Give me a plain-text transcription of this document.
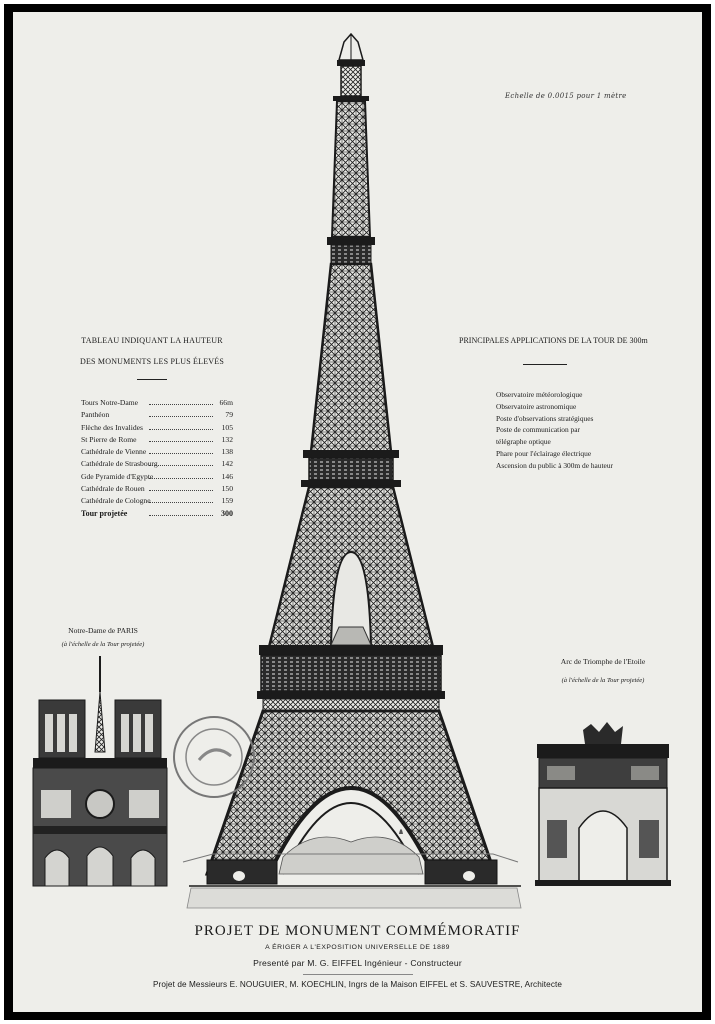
Echelle de 0.0015 pour 1 mètre
TABLEAU INDIQUANT LA HAUTEUR
DES MONUMENTS LES PLUS ÉLEVÉS
Tours Notre-Dame	66m
Panthéon	79
Flèche des Invalides	105
St Pierre de Rome	132
Cathédrale de Vienne	138
Cathédrale de Strasbourg	142
Gde Pyramide d'Egypte	146
Cathédrale de Rouen	150
Cathédrale de Cologne	159
Tour projetée	300
PRINCIPALES APPLICATIONS DE LA TOUR DE 300m
Observatoire météorologique
Observatoire astronomique
Poste d'observations stratégiques
Poste de communication par
télégraphe optique
Phare pour l'éclairage électrique
Ascension du public à 300m de hauteur
Notre-Dame de PARIS
(à l'échelle de la Tour projetée)
Arc de Triomphe de l'Etoile
(à l'échelle de la Tour projetée)
PROJET DE MONUMENT COMMÉMORATIF
A ÉRIGER A L'EXPOSITION UNIVERSELLE DE 1889
Presenté par M. G. EIFFEL Ingénieur - Constructeur
Projet de Messieurs E. NOUGUIER, M. KOECHLIN, Ingrs de la Maison EIFFEL et S. SAUVESTRE, Architecte
